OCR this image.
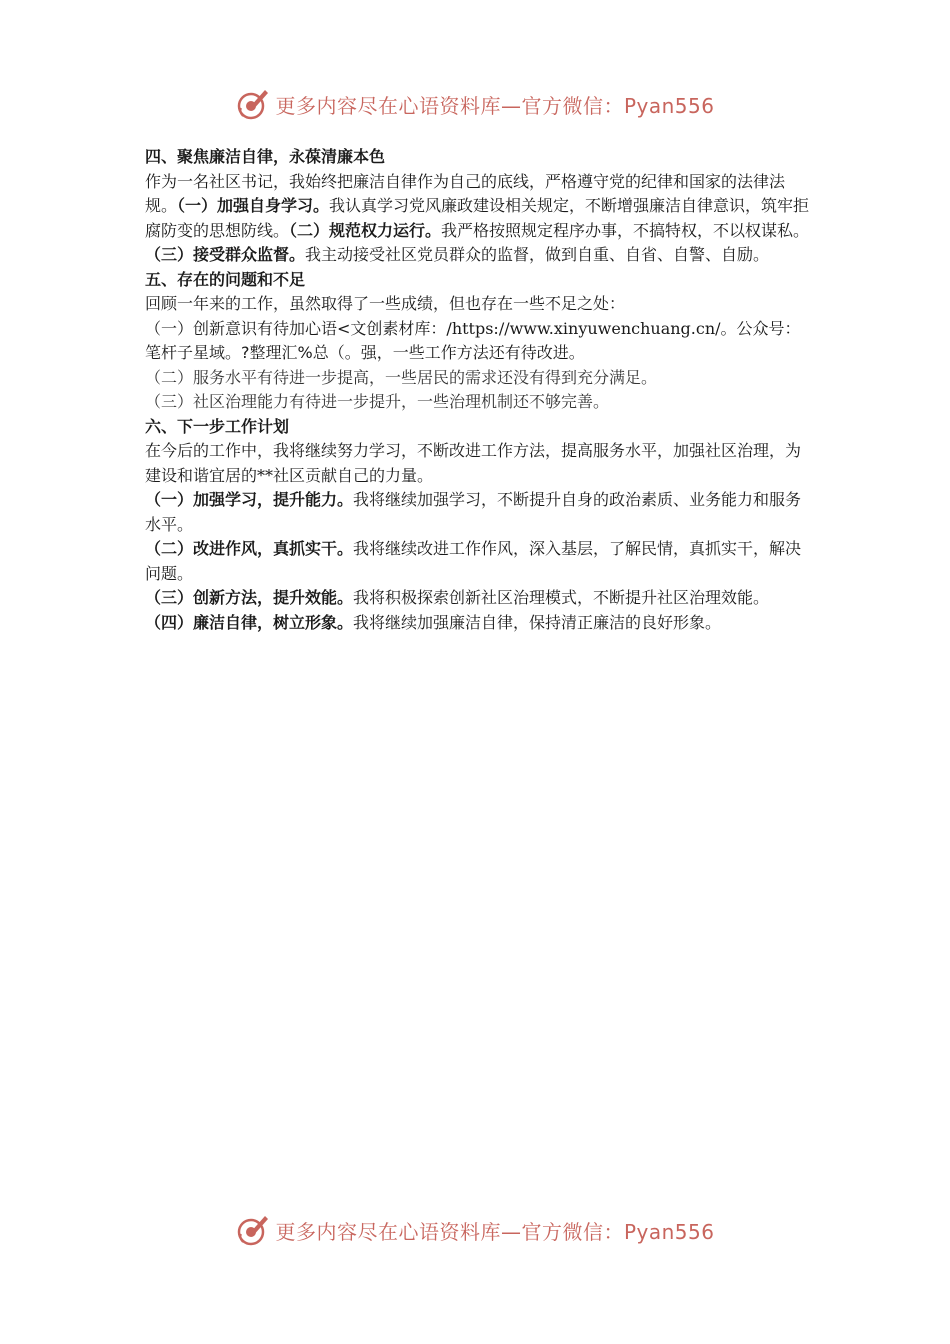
更多内容尽在心语资料库—官方微信：Pyan556

四、聚焦廉洁自律，永葆清廉本色

作为一名社区书记，我始终把廉洁自律作为自己的底线，严格遵守党的纪律和国家的法律法规。（一）加强自身学习。我认真学习党风廉政建设相关规定，不断增强廉洁自律意识，筑牢拒腐防变的思想防线。（二）规范权力运行。我严格按照规定程序办事，不搞特权，不以权谋私。（三）接受群众监督。我主动接受社区党员群众的监督，做到自重、自省、自警、自励。

五、存在的问题和不足

回顾一年来的工作，虽然取得了一些成绩，但也存在一些不足之处：

（一）创新意识有待加心语<文创素材库：/https://www.xinyuwenchuang.cn/。公众号：笔杆子星域。?整理汇%总（。强，一些工作方法还有待改进。

（二）服务水平有待进一步提高，一些居民的需求还没有得到充分满足。

（三）社区治理能力有待进一步提升，一些治理机制还不够完善。

六、下一步工作计划

在今后的工作中，我将继续努力学习，不断改进工作方法，提高服务水平，加强社区治理，为建设和谐宜居的**社区贡献自己的力量。

（一）加强学习，提升能力。我将继续加强学习，不断提升自身的政治素质、业务能力和服务水平。

（二）改进作风，真抓实干。我将继续改进工作作风，深入基层，了解民情，真抓实干，解决问题。

（三）创新方法，提升效能。我将积极探索创新社区治理模式，不断提升社区治理效能。

（四）廉洁自律，树立形象。我将继续加强廉洁自律，保持清正廉洁的良好形象。

更多内容尽在心语资料库—官方微信：Pyan556
